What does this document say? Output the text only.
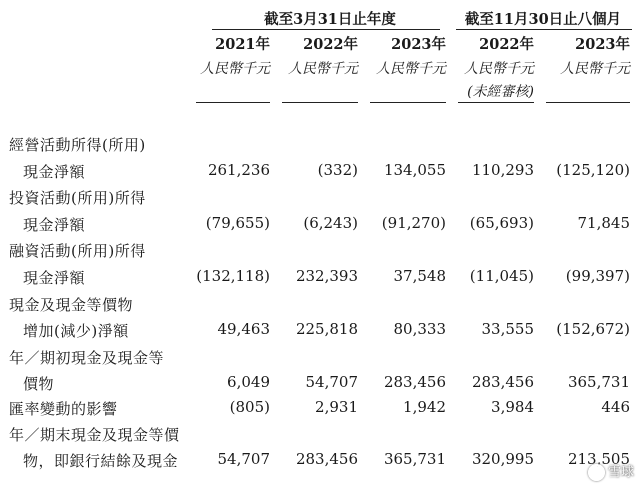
截至3月31日止年度	截至11月30日止八個月
2021年	2022年	2023年	2022年	2023年
人民幣千元	人民幣千元	人民幣千元	人民幣千元	人民幣千元
(未經審核)
經營活動所得(所用)
現金淨額	261,236	(332)	134,055	110,293	(125,120)
投資活動(所用)所得
現金淨額	(79,655)	(6,243)	(91,270)	(65,693)	71,845
融資活動(所用)所得
現金淨額	(132,118)	232,393	37,548	(11,045)	(99,397)
現金及現金等價物
增加(減少)淨額	49,463	225,818	80,333	33,555	(152,672)
年／期初現金及現金等
價物	6,049	54,707	283,456	283,456	365,731
匯率變動的影響	(805)	2,931	1,942	3,984	446
年／期末現金及現金等價
物，即銀行結餘及現金	54,707	283,456	365,731	320,995	213,505
雪球
